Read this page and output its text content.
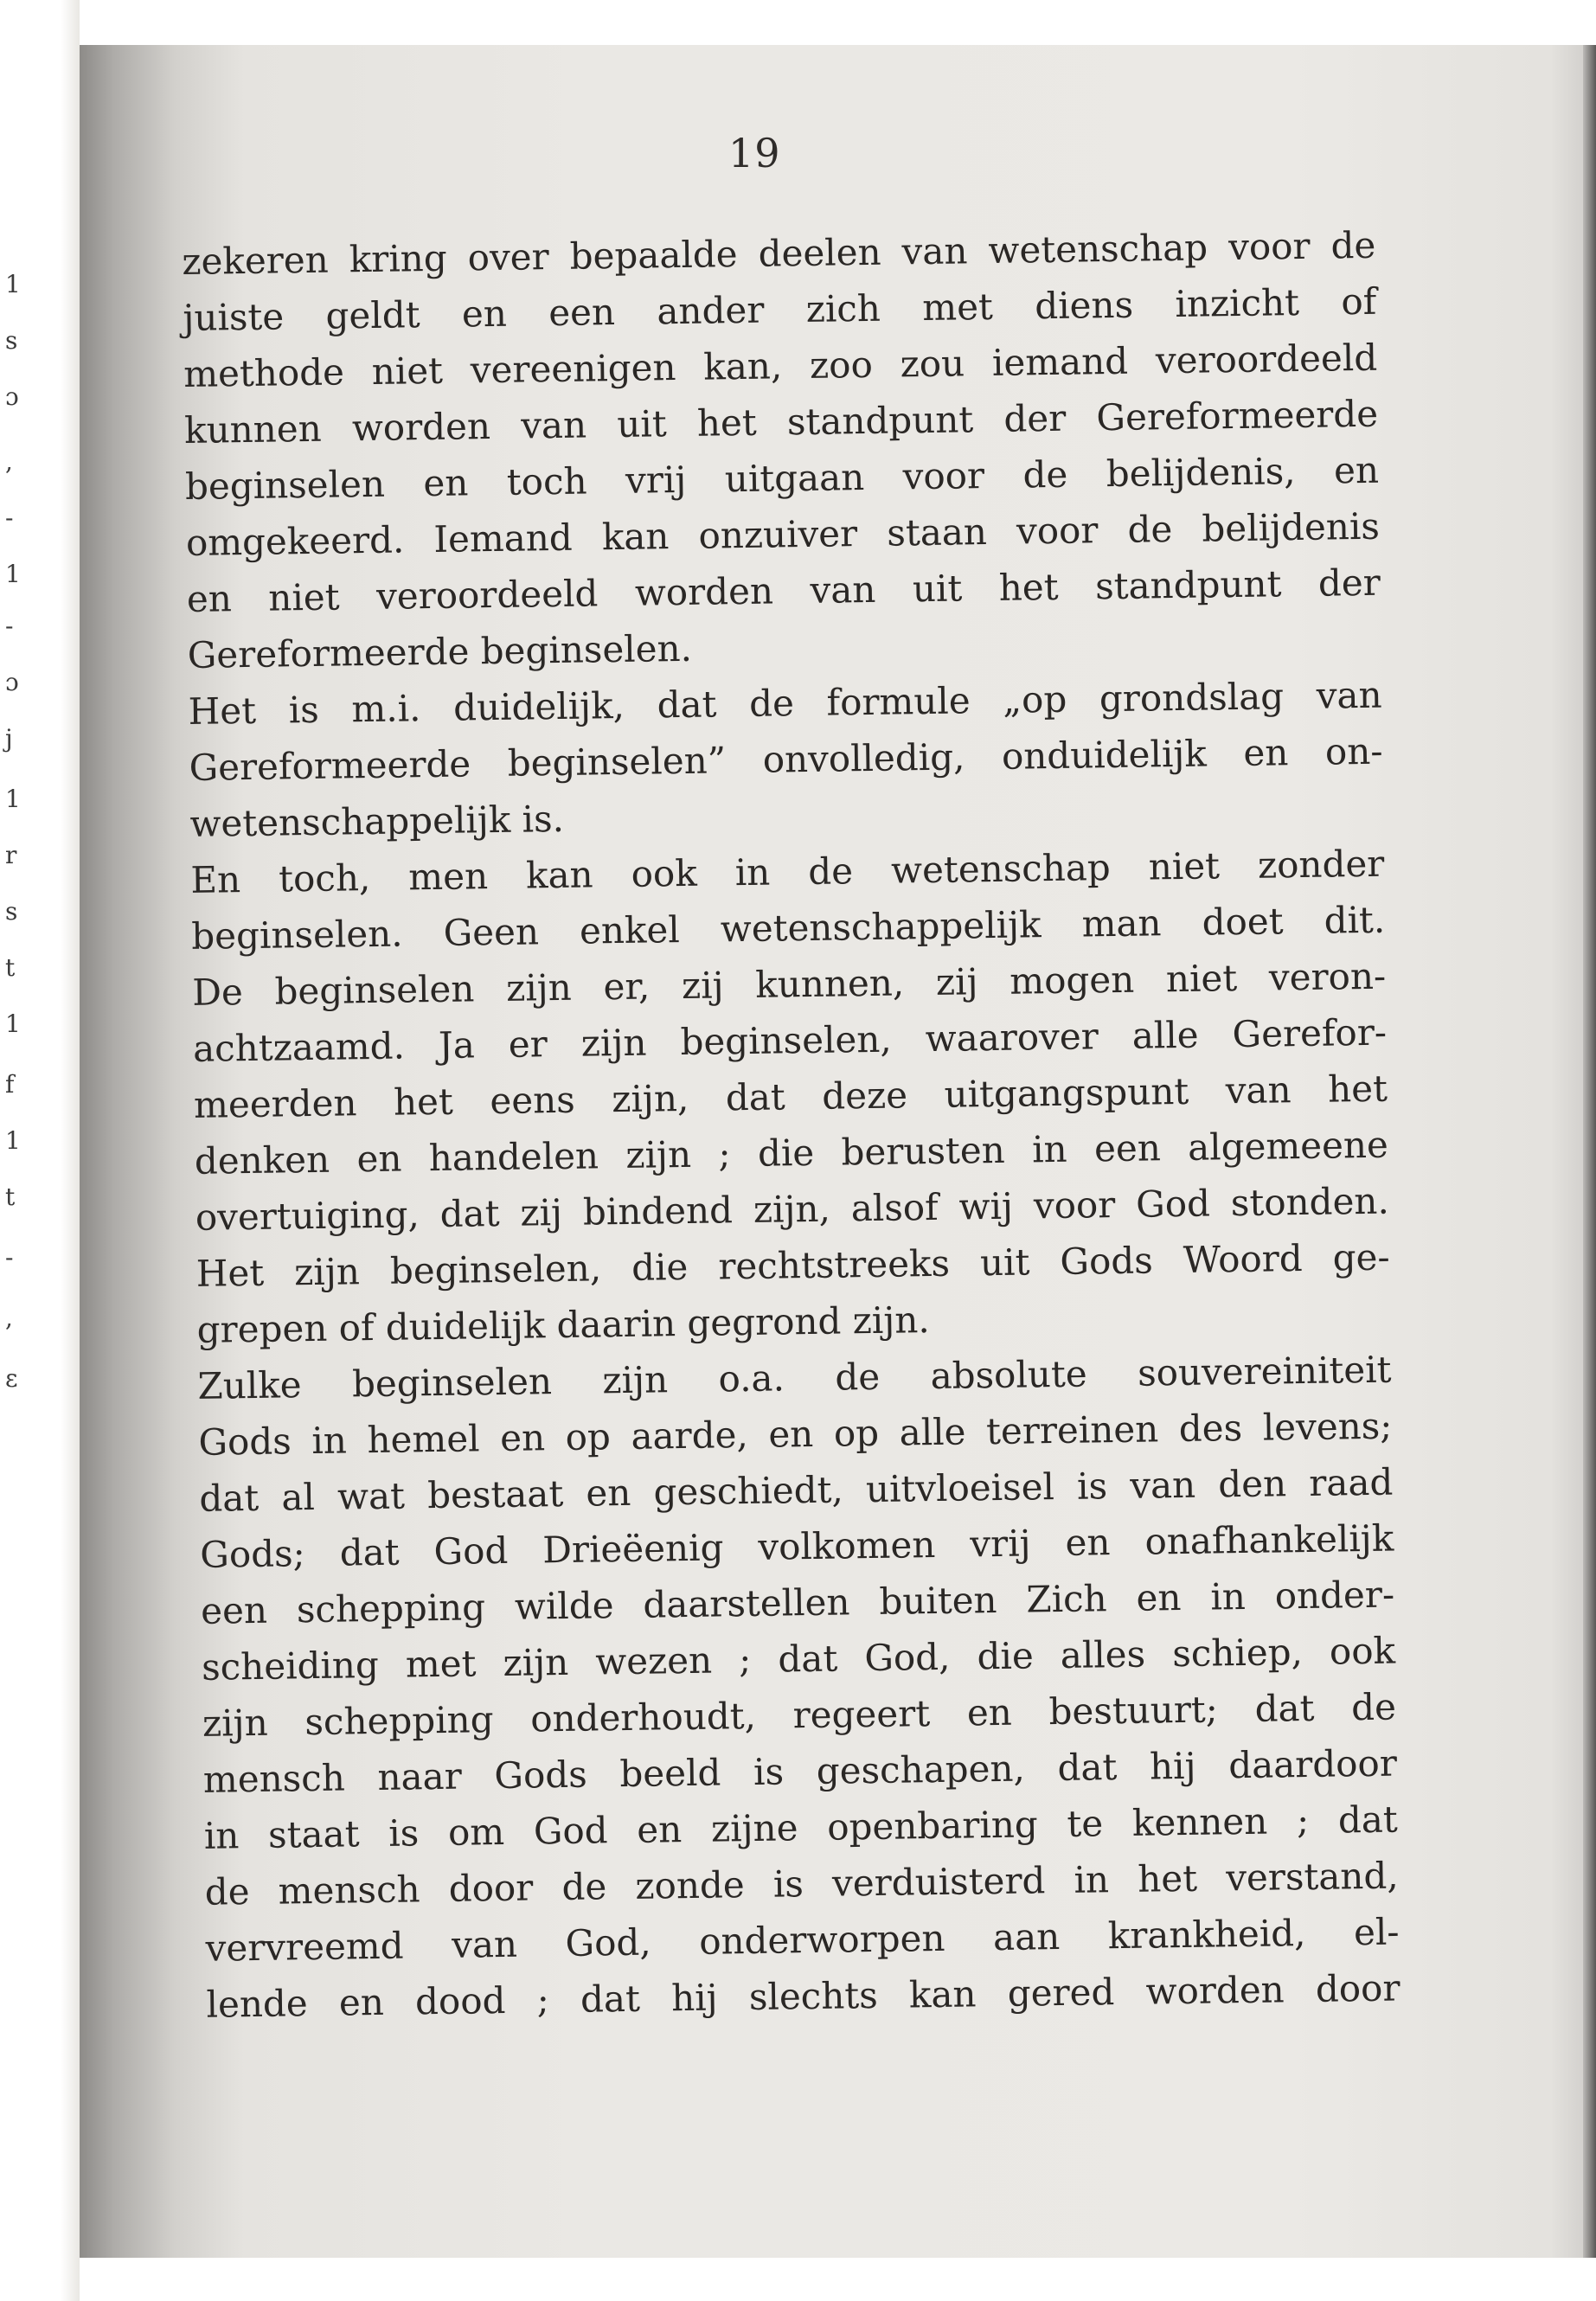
1
s
ɔ
,
-
1
-
ɔ
j
1
r
s
t
1
f
1
t
-
,
ɛ
19
zekeren kring over bepaalde deelen van wetenschap voor de
juiste geldt en een ander zich met diens inzicht of
methode niet vereenigen kan, zoo zou iemand veroordeeld
kunnen worden van uit het standpunt der Gereformeerde
beginselen en toch vrij uitgaan voor de belijdenis, en
omgekeerd. Iemand kan onzuiver staan voor de belijdenis
en niet veroordeeld worden van uit het standpunt der
Gereformeerde beginselen.
Het is m.i. duidelijk, dat de formule „op grondslag van
Gereformeerde beginselen” onvolledig, onduidelijk en on-
wetenschappelijk is.
En toch, men kan ook in de wetenschap niet zonder
beginselen. Geen enkel wetenschappelijk man doet dit.
De beginselen zijn er, zij kunnen, zij mogen niet veron-
achtzaamd. Ja er zijn beginselen, waarover alle Gerefor-
meerden het eens zijn, dat deze uitgangspunt van het
denken en handelen zijn ; die berusten in een algemeene
overtuiging, dat zij bindend zijn, alsof wij voor God stonden.
Het zijn beginselen, die rechtstreeks uit Gods Woord ge-
grepen of duidelijk daarin gegrond zijn.
Zulke beginselen zijn o.a. de absolute souvereiniteit
Gods in hemel en op aarde, en op alle terreinen des levens;
dat al wat bestaat en geschiedt, uitvloeisel is van den raad
Gods; dat God Drieëenig volkomen vrij en onafhankelijk
een schepping wilde daarstellen buiten Zich en in onder-
scheiding met zijn wezen ; dat God, die alles schiep, ook
zijn schepping onderhoudt, regeert en bestuurt; dat de
mensch naar Gods beeld is geschapen, dat hij daardoor
in staat is om God en zijne openbaring te kennen ; dat
de mensch door de zonde is verduisterd in het verstand,
vervreemd van God, onderworpen aan krankheid, el-
lende en dood ; dat hij slechts kan gered worden door
